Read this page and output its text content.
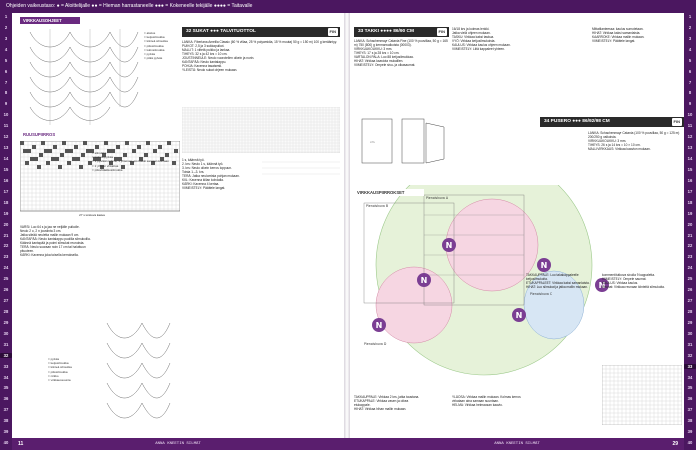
Ohjeiden vaikeustaso: ● = Aloittelijalle ●● = Hieman harrastaneelle ●●● = Kokeneelle tekijälle ●●●● = Taitavalle
1
2
3
4
5
6
7
8
9
10
11
12
13
14
15
16
17
18
19
20
21
22
23
24
25
26
27
28
29
30
31
32
33
34
35
36
37
38
39
40
1
2
3
4
5
6
7
8
9
10
11
12
13
14
15
16
17
18
19
20
21
22
23
24
25
26
27
28
29
30
31
32
33
34
35
36
37
38
39
40
VIRKKAUSOHJEET
= aloitus
= ketjusilmukka
= kiinteä silmukka
= piilosilmukka
= lukinsilmukka
= pylväs
= pitkä pylväs
RUUSUPIIRROS
27 s toistuva kaava
= silmukka
= kaksoispylväs
= 3 pylvään ryhmä, 1 yhteinen, jos kaikki samaan kohtaan
= 2 yhteen virkattua
= piiloviidakkosilmukka
32 SUKAT ●●● TALVITUOTTOL	FIN
LANKA: Fiberlana Ameilla Classic (60 % villaa, 25 % polyamidia, 15 % muuta) 50 g = 150 m) 100 g kerääntyy.
PUIKOT: 2,5 ja 3 sukkapuikot.
MALLIT: 1 viitetä puikko ja lankaa.
TIHEYS: 32 s ja 42 krs = 10 cm.
JOUSTINNEULE: Neulo vuorotellen oikein ja nurin.
KANTAPÄÄ: Neulo kantalappu.
POHJA: Kavenna tasaisesti.
YLEISTÄ: Neulo sukat ohjeen mukaan.
VARSI: Luo 64 s ja jaa ne neljälle puikolle.
Neulo 2 o, 2 n joustinta 3 cm.
Jatka sileää neuletta mallin mukaan 9 cm.
KANTAPÄÄ: Neulo kantalappu puolilla silmukoilla.
Käännä kantapää ja poimi silmukat reunoista.
TERÄ: Neulo suoraan noin 17 cm tai haluttuun pituuteen.
KÄRKI: Kavenna joka toisella kerroksella.
1 s, käännä työ.
2. krs: Neulo 1 s, käännä työ.
3. krs: Neulo oikein kerros loppuun.
Toista 1.–3. krs.
TERÄ: Jatka neulomista pohjan mukaan.
KIIL: Kavenna kiilan kohdalla.
KÄRKI: Kavenna 4 kertaa.
VIIMEISTELY: Päättele langat.
= pylväs
= ketjusilmukka
= kiinteä silmukka
= piilosilmukka
= nirkko
= virkkaussuunta
33 TAKKI ●●●● 86/90 CM	FIN
LANKA: Schachenmayr Catania Fine (100 % puuvillaa, 50 g = 165 m) 750 (800) g kermanvalkoista (00003).
VIRKKUUKOUKKU: 3 mm.
TIHEYS: 17 s ja 28 krs = 10 cm.
VARTALON PALA: Luo 88 ketjusilmukkaa.
HIHAT: Virkkaa kaaviota mukaillen.
VIIMEISTELY: Ompele sivu- ja olkasaumat.
16/18 krs ja kolmas lenkki.
Jatka vielä ohjeen mukaan.
TASKU: Virkkaa kaksi taskua.
VYÖ: Virkkaa ketjusilmukoista.
KAULUS: Virkkaa kaulus ohjeen mukaan.
VIIMEISTELY: Liitä kappaleet yhteen.
Mittatilanteessa: kaulus sumutetaan.
HIHAT: Virkkaa kaksi samanlaista.
KAARROKE: Virkkaa mallin mukaan.
VIIMEISTELY: Päättele langat.
cm
N
N
N
N
N
N
Pienoiskuva A
Pienoiskuva B
Pienoiskuva C
Pienoiskuva D
VIRKKAUSPIIRROKSET
34 PUSERO ●●● 86/92/98 CM	FIN
LANKA: Schachenmayr Catania (100 % puuvillaa, 50 g = 125 m) 200/250 g valkoista.
VIRKKUUKOUKKU: 3 mm.
TIHEYS: 26 s ja 14 krs = 10 × 10 cm.
MALLIVIRKKAUS: Virkkaa kaavion mukaan.
TAKKAUPPALE: Virkkaa 2 krs, jatka taustana.
ETUKAPPALE: Virkkaa vasen ja oikea etukappale.
HIHAT: Virkkaa hihan mallin mukaan.
YLÄOSA: Virkkaa mallin mukaan. Kolmas kerros virkataan aina samaan suuntaan.
HELMA: Virkkaa helmaosan kaavio.
TAKKAUPPALE: Luo takakappaleelle ketjusilmukoita.
ETUKAPPALEET: Virkkaa kaksi samanlaista.
HIHAT: Luo silmukat ja jatka mallin mukaan.
kommentitutkova sivulla 9 kappaletta.
VIIMEISTELY: Ompele saumat.
KAULUS: Virkkaa kaulus.
Reunat: Virkkaa reunaan kiinteitä silmukoita.
ANNA KNEETIN SILMÄT	ANNA KNEETIN SILMÄT
11	29
